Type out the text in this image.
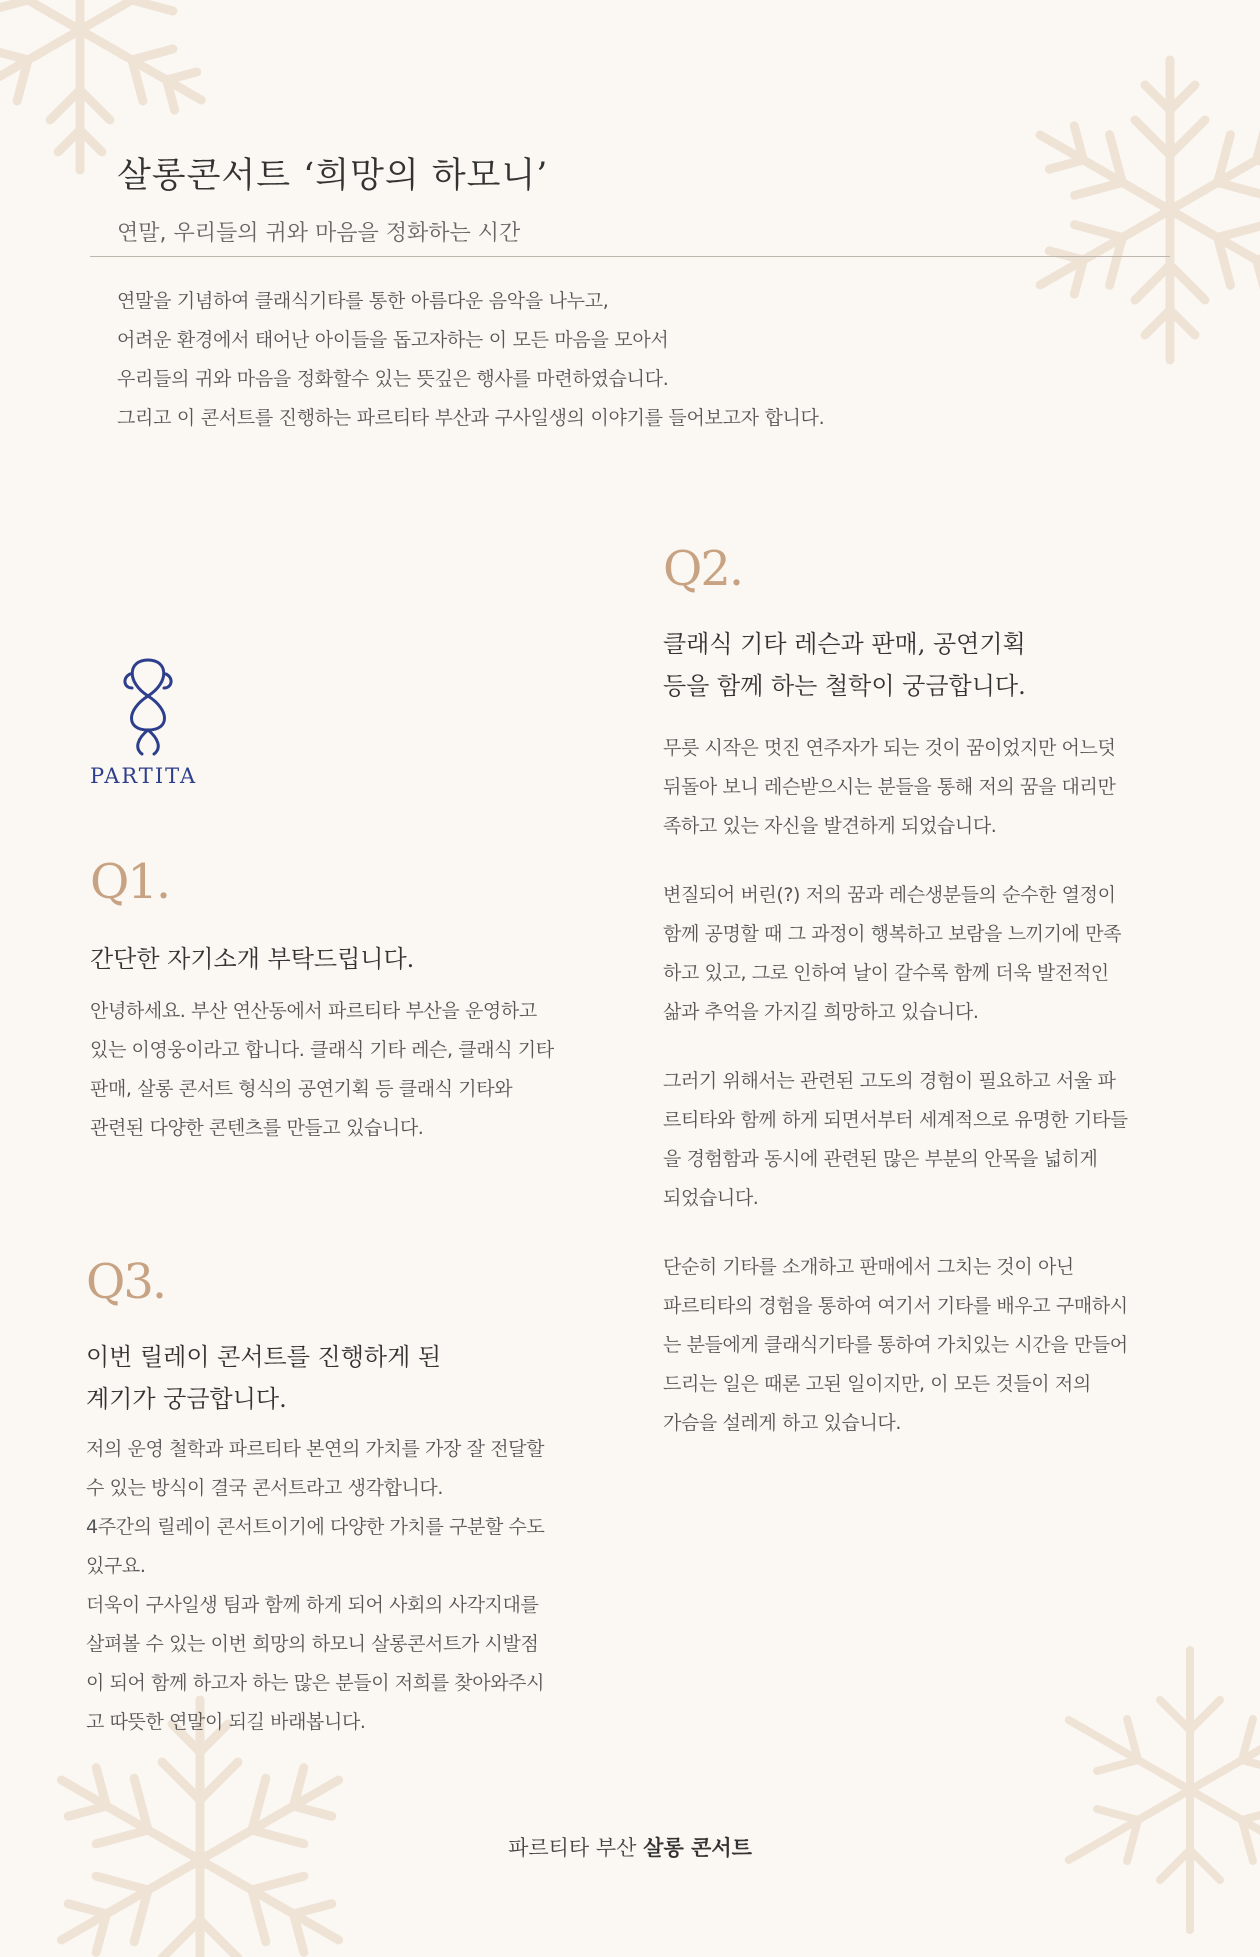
살롱콘서트 ‘희망의 하모니’
연말, 우리들의 귀와 마음을 정화하는 시간

연말을 기념하여 클래식기타를 통한 아름다운 음악을 나누고,

어려운 환경에서 태어난 아이들을 돕고자하는 이 모든 마음을 모아서

우리들의 귀와 마음을 정화할수 있는 뜻깊은 행사를 마련하였습니다.

그리고 이 콘서트를 진행하는 파르티타 부산과 구사일생의 이야기를 들어보고자 합니다.

PARTITA
Q1.
간단한 자기소개 부탁드립니다.

안녕하세요. 부산 연산동에서 파르티타 부산을 운영하고

있는 이영웅이라고 합니다. 클래식 기타 레슨, 클래식 기타

판매, 살롱 콘서트 형식의 공연기획 등 클래식 기타와

관련된 다양한 콘텐츠를 만들고 있습니다.

Q3.
이번 릴레이 콘서트를 진행하게 된
계기가 궁금합니다.

저의 운영 철학과 파르티타 본연의 가치를 가장 잘 전달할

수 있는 방식이 결국 콘서트라고 생각합니다.

4주간의 릴레이 콘서트이기에 다양한 가치를 구분할 수도

있구요.

더욱이 구사일생 팀과 함께 하게 되어 사회의 사각지대를

살펴볼 수 있는 이번 희망의 하모니 살롱콘서트가 시발점

이 되어 함께 하고자 하는 많은 분들이 저희를 찾아와주시

고 따뜻한 연말이 되길 바래봅니다.

Q2.
클래식 기타 레슨과 판매, 공연기획
등을 함께 하는 철학이 궁금합니다.

무릇 시작은 멋진 연주자가 되는 것이 꿈이었지만 어느덧

뒤돌아 보니 레슨받으시는 분들을 통해 저의 꿈을 대리만

족하고 있는 자신을 발견하게 되었습니다.

변질되어 버린(?) 저의 꿈과 레슨생분들의 순수한 열정이

함께 공명할 때 그 과정이 행복하고 보람을 느끼기에 만족

하고 있고, 그로 인하여 날이 갈수록 함께 더욱 발전적인

삶과 추억을 가지길 희망하고 있습니다.

그러기 위해서는 관련된 고도의 경험이 필요하고 서울 파

르티타와 함께 하게 되면서부터 세계적으로 유명한 기타들

을 경험함과 동시에 관련된 많은 부분의 안목을 넓히게

되었습니다.

단순히 기타를 소개하고 판매에서 그치는 것이 아닌

파르티타의 경험을 통하여 여기서 기타를 배우고 구매하시

는 분들에게 클래식기타를 통하여 가치있는 시간을 만들어

드리는 일은 때론 고된 일이지만, 이 모든 것들이 저의

가슴을 설레게 하고 있습니다.

파르티타 부산 살롱 콘서트
